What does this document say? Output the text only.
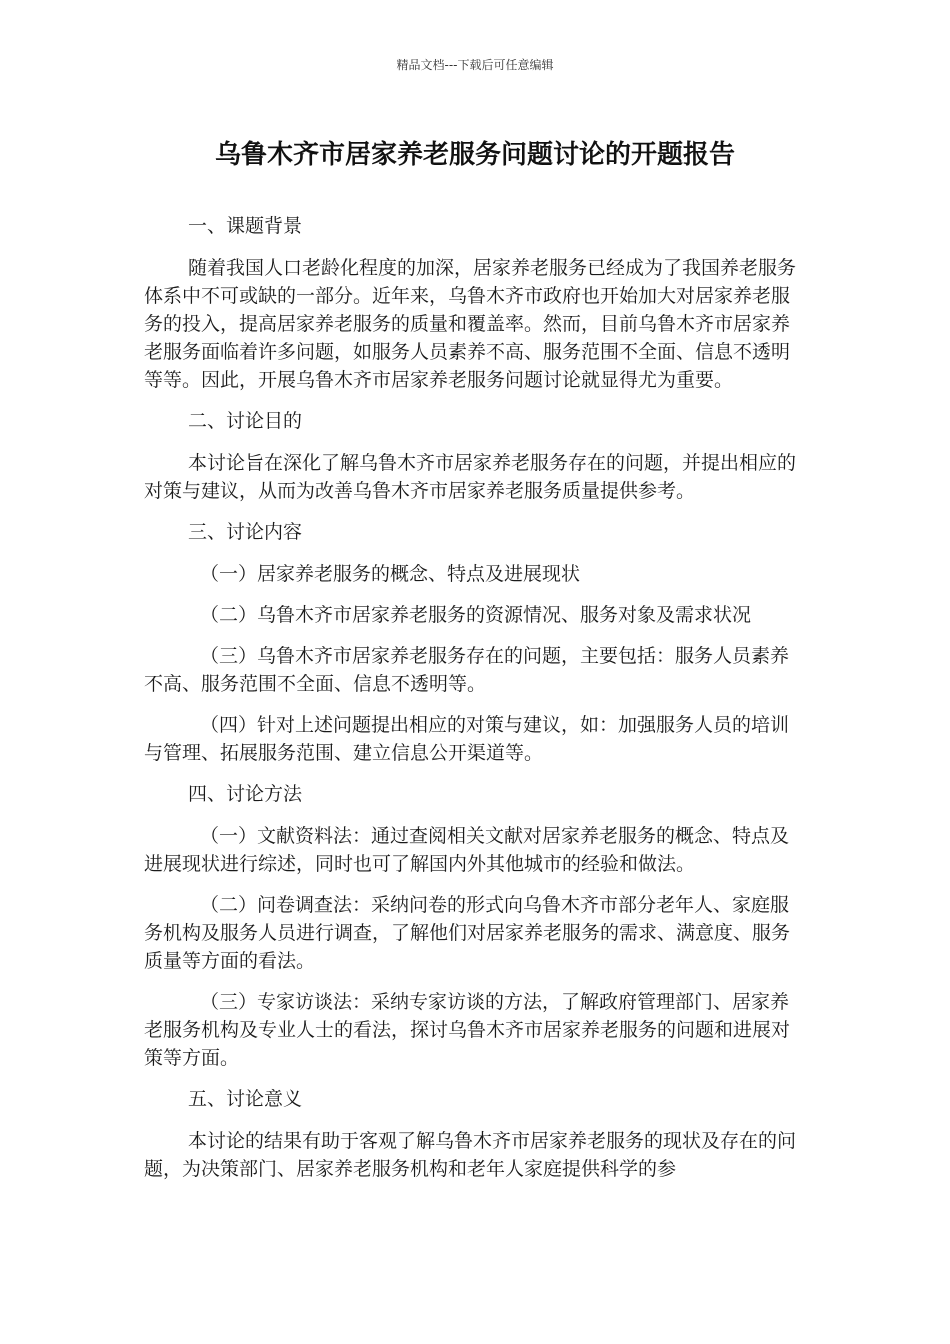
精品文档---下载后可任意编辑
乌鲁木齐市居家养老服务问题讨论的开题报告

一、课题背景

随着我国人口老龄化程度的加深，居家养老服务已经成为了我国养老服务体系中不可或缺的一部分。近年来，乌鲁木齐市政府也开始加大对居家养老服务的投入，提高居家养老服务的质量和覆盖率。然而，目前乌鲁木齐市居家养老服务面临着许多问题，如服务人员素养不高、服务范围不全面、信息不透明等等。因此，开展乌鲁木齐市居家养老服务问题讨论就显得尤为重要。

二、讨论目的

本讨论旨在深化了解乌鲁木齐市居家养老服务存在的问题，并提出相应的对策与建议，从而为改善乌鲁木齐市居家养老服务质量提供参考。

三、讨论内容

（一）居家养老服务的概念、特点及进展现状

（二）乌鲁木齐市居家养老服务的资源情况、服务对象及需求状况

（三）乌鲁木齐市居家养老服务存在的问题，主要包括：服务人员素养不高、服务范围不全面、信息不透明等。

（四）针对上述问题提出相应的对策与建议，如：加强服务人员的培训与管理、拓展服务范围、建立信息公开渠道等。

四、讨论方法

（一）文献资料法：通过查阅相关文献对居家养老服务的概念、特点及进展现状进行综述，同时也可了解国内外其他城市的经验和做法。

（二）问卷调查法：采纳问卷的形式向乌鲁木齐市部分老年人、家庭服务机构及服务人员进行调查，了解他们对居家养老服务的需求、满意度、服务质量等方面的看法。

（三）专家访谈法：采纳专家访谈的方法，了解政府管理部门、居家养老服务机构及专业人士的看法，探讨乌鲁木齐市居家养老服务的问题和进展对策等方面。

五、讨论意义

本讨论的结果有助于客观了解乌鲁木齐市居家养老服务的现状及存在的问题，为决策部门、居家养老服务机构和老年人家庭提供科学的参
